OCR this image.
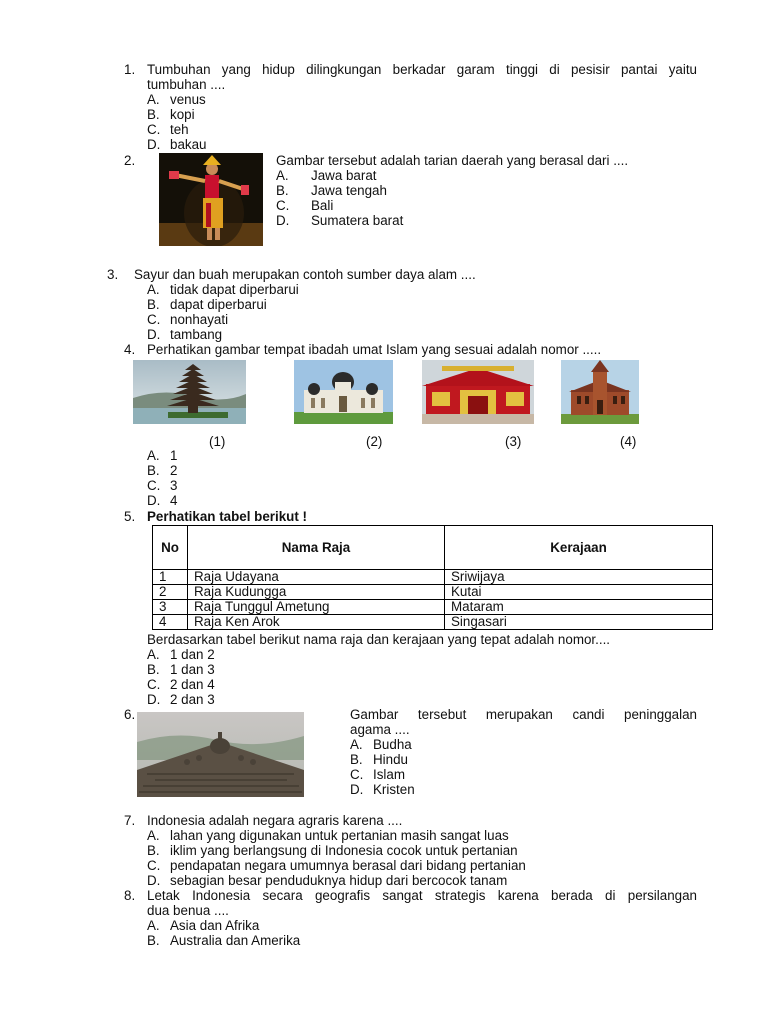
1. Tumbuhan yang hidup dilingkungan berkadar garam tinggi di pesisir pantai yaitu
tumbuhan ....
A. venus
B. kopi
C. teh
D. bakau
2.	Gambar tersebut adalah tarian daerah yang berasal dari ....
A. Jawa barat
B. Jawa tengah
C. Bali
D. Sumatera barat
3. Sayur dan buah merupakan contoh sumber daya alam ....
A. tidak dapat diperbarui
B. dapat diperbarui
C. nonhayati
D. tambang
4. Perhatikan gambar tempat ibadah umat Islam yang sesuai adalah nomor .....
(1)	(2)	(3)	(4)
A. 1
B. 2
C. 3
D. 4
5. Perhatikan tabel berikut !
No	Nama Raja	Kerajaan
1	Raja Udayana	Sriwijaya
2	Raja Kudungga	Kutai
3	Raja Tunggul Ametung	Mataram
4	Raja Ken Arok	Singasari
Berdasarkan tabel berikut nama raja dan kerajaan yang tepat adalah nomor....
A. 1 dan 2
B. 1 dan 3
C. 2 dan 4
D. 2 dan 3
6.	Gambar tersebut merupakan candi peninggalan
agama ....
A. Budha
B. Hindu
C. Islam
D. Kristen
7. Indonesia adalah negara agraris karena ....
A. lahan yang digunakan untuk pertanian masih sangat luas
B. iklim yang berlangsung di Indonesia cocok untuk pertanian
C. pendapatan negara umumnya berasal dari bidang pertanian
D. sebagian besar penduduknya hidup dari bercocok tanam
8. Letak Indonesia secara geografis sangat strategis karena berada di persilangan
dua benua ....
A. Asia dan Afrika
B. Australia dan Amerika
